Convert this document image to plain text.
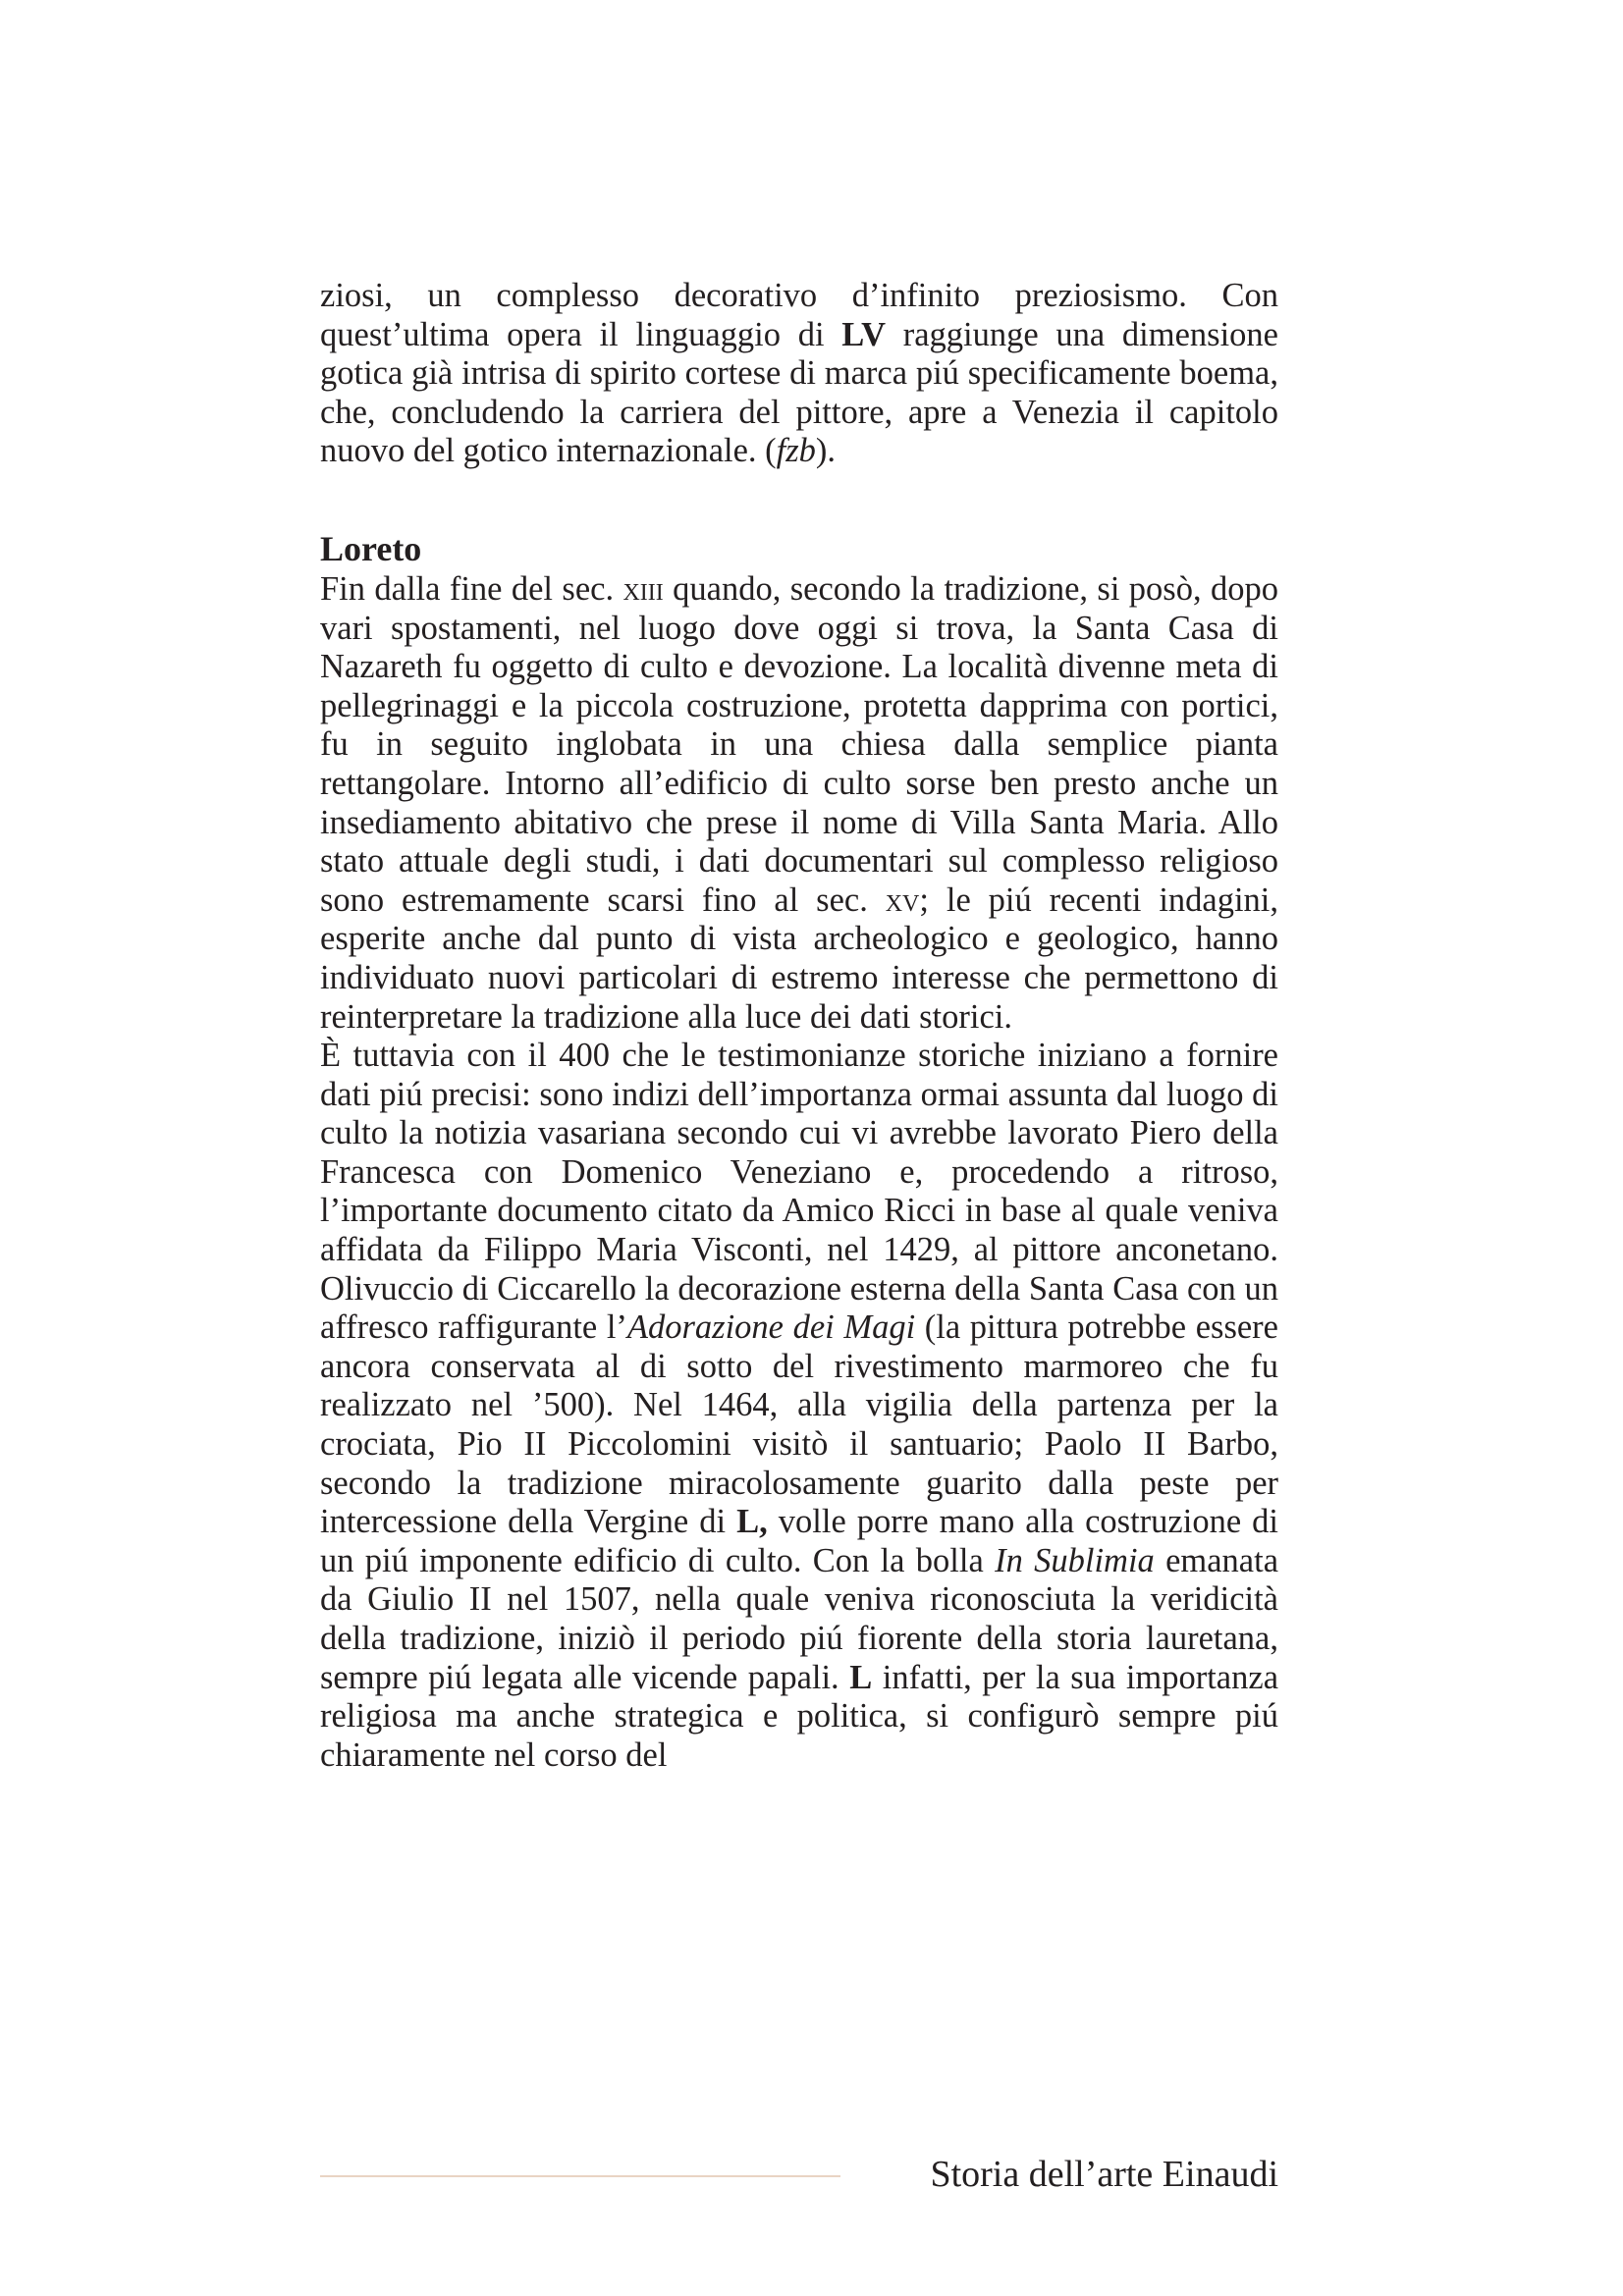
ziosi, un complesso decorativo d’infinito preziosismo. Con quest’ultima opera il linguaggio di LV raggiunge una dimensione gotica già intrisa di spirito cortese di marca piú specificamente boema, che, concludendo la carriera del pittore, apre a Venezia il capitolo nuovo del gotico internazionale. (fzb).

Loreto

Fin dalla fine del sec. xiii quando, secondo la tradizione, si posò, dopo vari spostamenti, nel luogo dove oggi si trova, la Santa Casa di Nazareth fu oggetto di culto e devozione. La località divenne meta di pellegrinaggi e la piccola costruzione, protetta dapprima con portici, fu in seguito inglobata in una chiesa dalla semplice pianta rettangolare. Intorno all’edificio di culto sorse ben presto anche un insediamento abitativo che prese il nome di Villa Santa Maria. Allo stato attuale degli studi, i dati documentari sul complesso religioso sono estremamente scarsi fino al sec. xv; le piú recenti indagini, esperite anche dal punto di vista archeologico e geologico, hanno individuato nuovi particolari di estremo interesse che permettono di reinterpretare la tradizione alla luce dei dati storici.

È tuttavia con il 400 che le testimonianze storiche iniziano a fornire dati piú precisi: sono indizi dell’importanza ormai assunta dal luogo di culto la notizia vasariana secondo cui vi avrebbe lavorato Piero della Francesca con Domenico Veneziano e, procedendo a ritroso, l’importante documento citato da Amico Ricci in base al quale veniva affidata da Filippo Maria Visconti, nel 1429, al pittore anconetano. Olivuccio di Ciccarello la decorazione esterna della Santa Casa con un affresco raffigurante l’Adorazione dei Magi (la pittura potrebbe essere ancora conservata al di sotto del rivestimento marmoreo che fu realizzato nel ’500). Nel 1464, alla vigilia della partenza per la crociata, Pio II Piccolomini visitò il santuario; Paolo II Barbo, secondo la tradizione miracolosamente guarito dalla peste per intercessione della Vergine di L, volle porre mano alla costruzione di un piú imponente edificio di culto. Con la bolla In Sublimia emanata da Giulio II nel 1507, nella quale veniva riconosciuta la veridicità della tradizione, iniziò il periodo piú fiorente della storia lauretana, sempre piú legata alle vicende papali. L infatti, per la sua importanza religiosa ma anche strategica e politica, si configurò sempre piú chiaramente nel corso del

Storia dell’arte Einaudi
